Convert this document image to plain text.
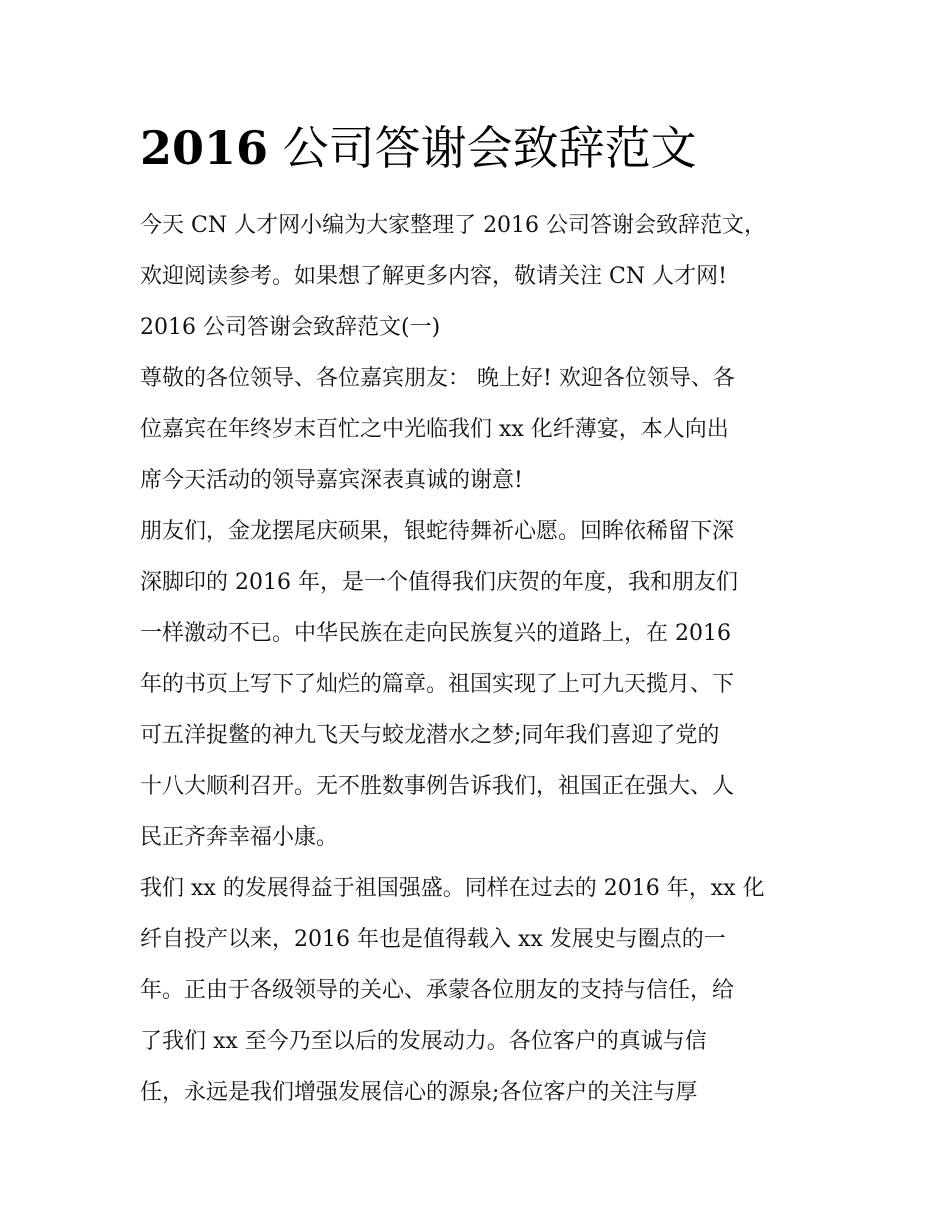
2016 公司答谢会致辞范文
今天 CN 人才网小编为大家整理了 2016 公司答谢会致辞范文，
欢迎阅读参考。如果想了解更多内容，敬请关注 CN 人才网!
2016 公司答谢会致辞范文(一)
尊敬的各位领导、各位嘉宾朋友： 晚上好! 欢迎各位领导、各
位嘉宾在年终岁末百忙之中光临我们 xx 化纤薄宴，本人向出
席今天活动的领导嘉宾深表真诚的谢意!
朋友们，金龙摆尾庆硕果，银蛇待舞祈心愿。回眸依稀留下深
深脚印的 2016 年，是一个值得我们庆贺的年度，我和朋友们
一样激动不已。中华民族在走向民族复兴的道路上，在 2016
年的书页上写下了灿烂的篇章。祖国实现了上可九天揽月、下
可五洋捉鳖的神九飞天与蛟龙潜水之梦;同年我们喜迎了党的
十八大顺利召开。无不胜数事例告诉我们，祖国正在强大、人
民正齐奔幸福小康。
我们 xx 的发展得益于祖国强盛。同样在过去的 2016 年，xx 化
纤自投产以来，2016 年也是值得载入 xx 发展史与圈点的一
年。正由于各级领导的关心、承蒙各位朋友的支持与信任，给
了我们 xx 至今乃至以后的发展动力。各位客户的真诚与信
任，永远是我们增强发展信心的源泉;各位客户的关注与厚
